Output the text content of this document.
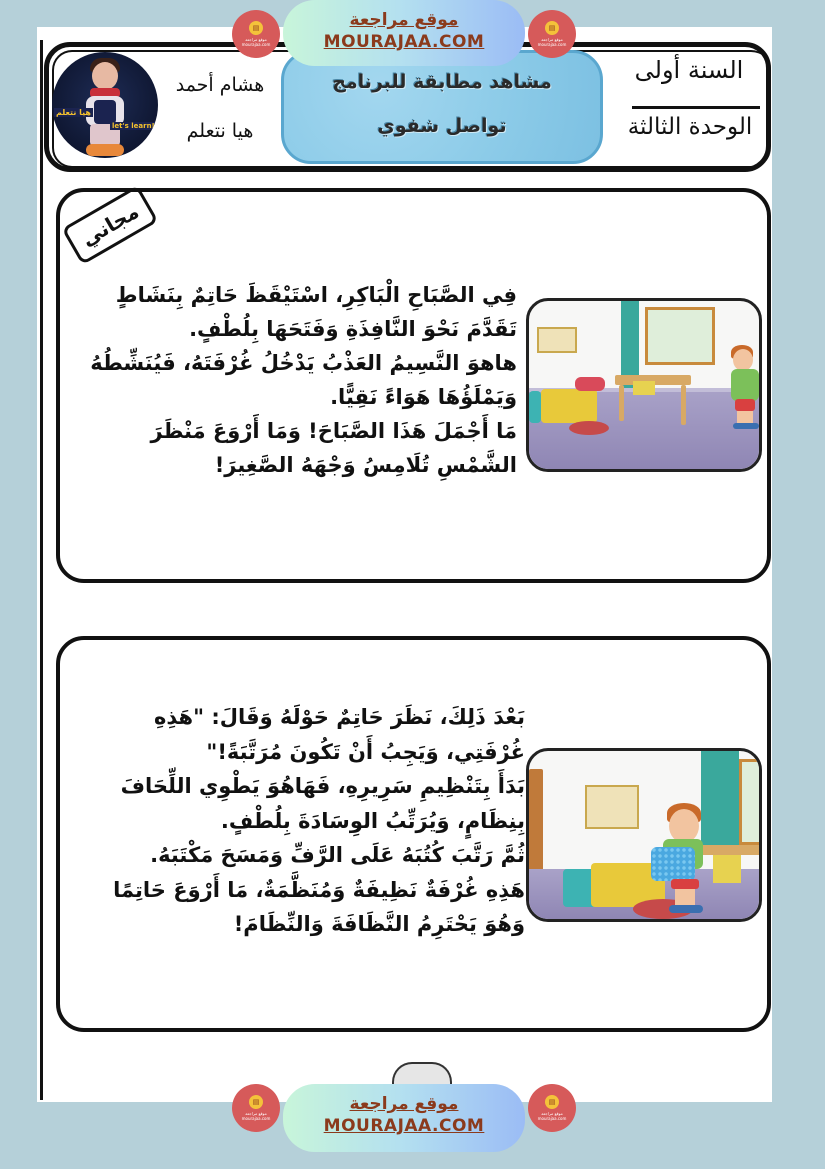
هيا نتعلم
let's learn!
هشام أحمد
هيا نتعلم
مشاهد مطابقة للبرنامج
تواصل شفوي
السنة أولى
الوحدة الثالثة
مجاني
فِي الصَّبَاحِ الْبَاكِرِ، اسْتَيْقَظَ حَاتِمٌ بِنَشَاطٍ
تَقَدَّمَ نَحْوَ النَّافِذَةِ وَفَتَحَهَا بِلُطْفٍ.
هاهوَ النَّسِيمُ العَذْبُ يَدْخُلُ غُرْفَتَهُ، فَيُنَشِّطُهُ
وَيَمْلَؤُهَا هَوَاءً نَقِيًّا.
مَا أَجْمَلَ هَذَا الصَّبَاحَ! وَمَا أَرْوَعَ مَنْظَرَ
الشَّمْسِ تُلَامِسُ وَجْهَهُ الصَّغِيرَ!
بَعْدَ ذَلِكَ، نَظَرَ حَاتِمٌ حَوْلَهُ وَقَالَ: "هَذِهِ
غُرْفَتِي، وَيَجِبُ أَنْ تَكُونَ مُرَتَّبَةً!"
بَدَأَ بِتَنْظِيمِ سَرِيرِهِ، فَهَاهُوَ يَطْوِي اللِّحَافَ
بِنِظَامٍ، وَيُرَتِّبُ الوِسَادَةَ بِلُطْفٍ.
ثُمَّ رَتَّبَ كُتُبَهُ عَلَى الرَّفِّ وَمَسَحَ مَكْتَبَهُ.
هَذِهِ غُرْفَةٌ نَظِيفَةٌ وَمُنَظَّمَةٌ، مَا أَرْوَعَ حَاتِمًا
وَهُوَ يَحْتَرِمُ النَّظَافَةَ وَالنِّظَامَ!
▤
موقع مراجعة mourajaa.com
▤
موقع مراجعة mourajaa.com
موقع مراجعة
MOURAJAA.COM
▤
موقع مراجعة mourajaa.com
▤
موقع مراجعة mourajaa.com
موقع مراجعة
MOURAJAA.COM
